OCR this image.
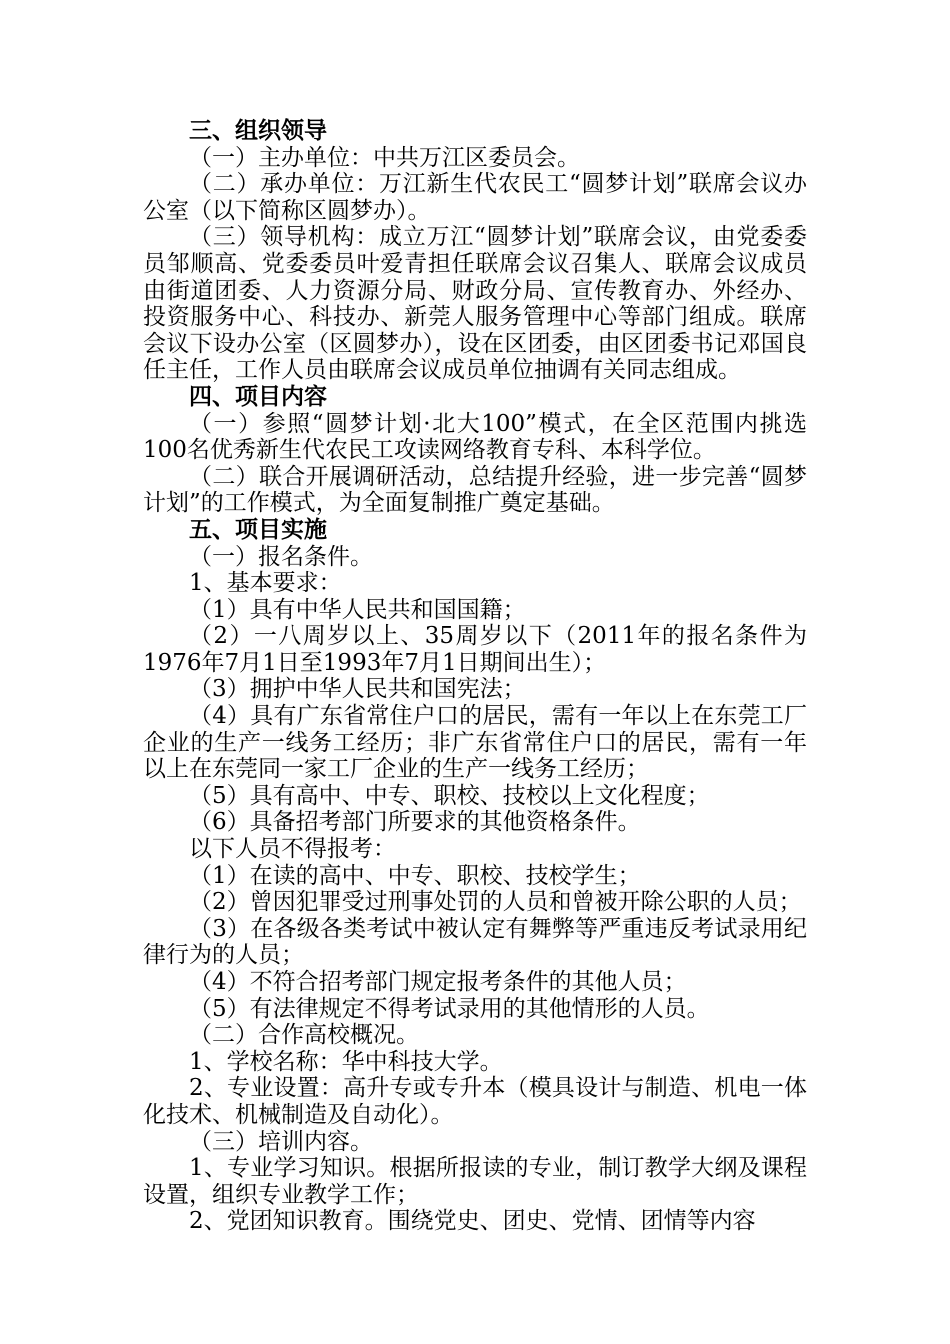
三、组织领导

（一）主办单位：中共万江区委员会。

（二）承办单位：万江新生代农民工“圆梦计划”联席会议办公室（以下简称区圆梦办）。

（三）领导机构：成立万江“圆梦计划”联席会议，由党委委员邹顺高、党委委员叶爱青担任联席会议召集人、联席会议成员由街道团委、人力资源分局、财政分局、宣传教育办、外经办、投资服务中心、科技办、新莞人服务管理中心等部门组成。联席会议下设办公室（区圆梦办），设在区团委，由区团委书记邓国良任主任，工作人员由联席会议成员单位抽调有关同志组成。

四、项目内容

（一）参照“圆梦计划·北大100”模式，在全区范围内挑选100名优秀新生代农民工攻读网络教育专科、本科学位。

（二）联合开展调研活动，总结提升经验，进一步完善“圆梦计划”的工作模式，为全面复制推广奠定基础。

五、项目实施

（一）报名条件。

1、基本要求：

（1）具有中华人民共和国国籍；

（2）一八周岁以上、35周岁以下（2011年的报名条件为1976年7月1日至1993年7月1日期间出生）；

（3）拥护中华人民共和国宪法；

（4）具有广东省常住户口的居民，需有一年以上在东莞工厂企业的生产一线务工经历；非广东省常住户口的居民，需有一年以上在东莞同一家工厂企业的生产一线务工经历；

（5）具有高中、中专、职校、技校以上文化程度；

（6）具备招考部门所要求的其他资格条件。

以下人员不得报考：

（1）在读的高中、中专、职校、技校学生；

（2）曾因犯罪受过刑事处罚的人员和曾被开除公职的人员；

（3）在各级各类考试中被认定有舞弊等严重违反考试录用纪律行为的人员；

（4）不符合招考部门规定报考条件的其他人员；

（5）有法律规定不得考试录用的其他情形的人员。

（二）合作高校概况。

1、学校名称：华中科技大学。

2、专业设置：高升专或专升本（模具设计与制造、机电一体化技术、机械制造及自动化）。

（三）培训内容。

1、专业学习知识。根据所报读的专业，制订教学大纲及课程设置，组织专业教学工作；

2、党团知识教育。围绕党史、团史、党情、团情等内容
